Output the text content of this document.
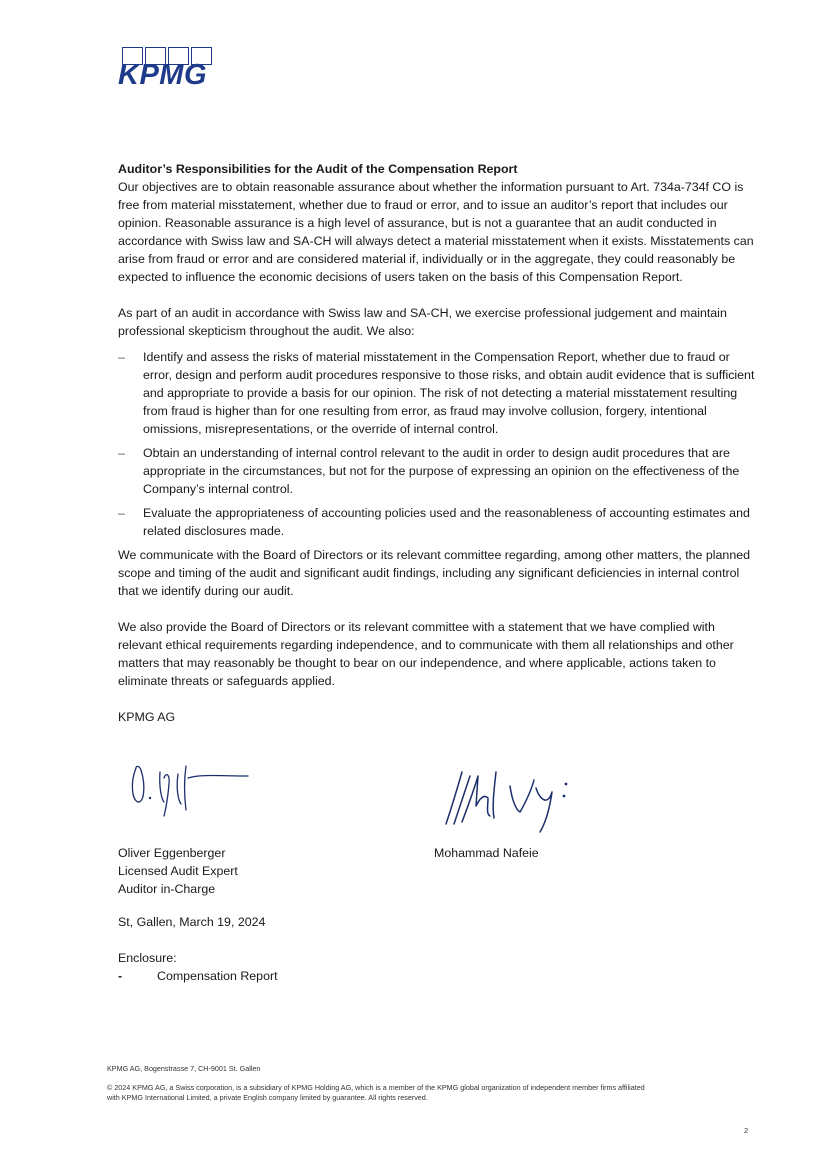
KPMG

Auditor’s Responsibilities for the Audit of the Compensation Report

Our objectives are to obtain reasonable assurance about whether the information pursuant to Art. 734a-734f CO is free from material misstatement, whether due to fraud or error, and to issue an auditor’s report that includes our opinion. Reasonable assurance is a high level of assurance, but is not a guarantee that an audit conducted in accordance with Swiss law and SA-CH will always detect a material misstatement when it exists. Misstatements can arise from fraud or error and are considered material if, individually or in the aggregate, they could reasonably be expected to influence the economic decisions of users taken on the basis of this Compensation Report.

As part of an audit in accordance with Swiss law and SA-CH, we exercise professional judgement and maintain professional skepticism throughout the audit. We also:

– Identify and assess the risks of material misstatement in the Compensation Report, whether due to fraud or error, design and perform audit procedures responsive to those risks, and obtain audit evidence that is sufficient and appropriate to provide a basis for our opinion. The risk of not detecting a material misstatement resulting from fraud is higher than for one resulting from error, as fraud may involve collusion, forgery, intentional omissions, misrepresentations, or the override of internal control.
– Obtain an understanding of internal control relevant to the audit in order to design audit procedures that are appropriate in the circumstances, but not for the purpose of expressing an opinion on the effectiveness of the Company’s internal control.
– Evaluate the appropriateness of accounting policies used and the reasonableness of accounting estimates and related disclosures made.

We communicate with the Board of Directors or its relevant committee regarding, among other matters, the planned scope and timing of the audit and significant audit findings, including any significant deficiencies in internal control that we identify during our audit.

We also provide the Board of Directors or its relevant committee with a statement that we have complied with relevant ethical requirements regarding independence, and to communicate with them all relationships and other matters that may reasonably be thought to bear on our independence, and where applicable, actions taken to eliminate threats or safeguards applied.

KPMG AG

Oliver Eggenberger
Licensed Audit Expert
Auditor in-Charge
Mohammad Nafeie
St, Gallen, March 19, 2024
Enclosure:
-	Compensation Report
KPMG AG, Bogenstrasse 7, CH-9001 St. Gallen
© 2024 KPMG AG, a Swiss corporation, is a subsidiary of KPMG Holding AG, which is a member of the KPMG global organization of independent member firms affiliated
with KPMG International Limited, a private English company limited by guarantee. All rights reserved.
2
